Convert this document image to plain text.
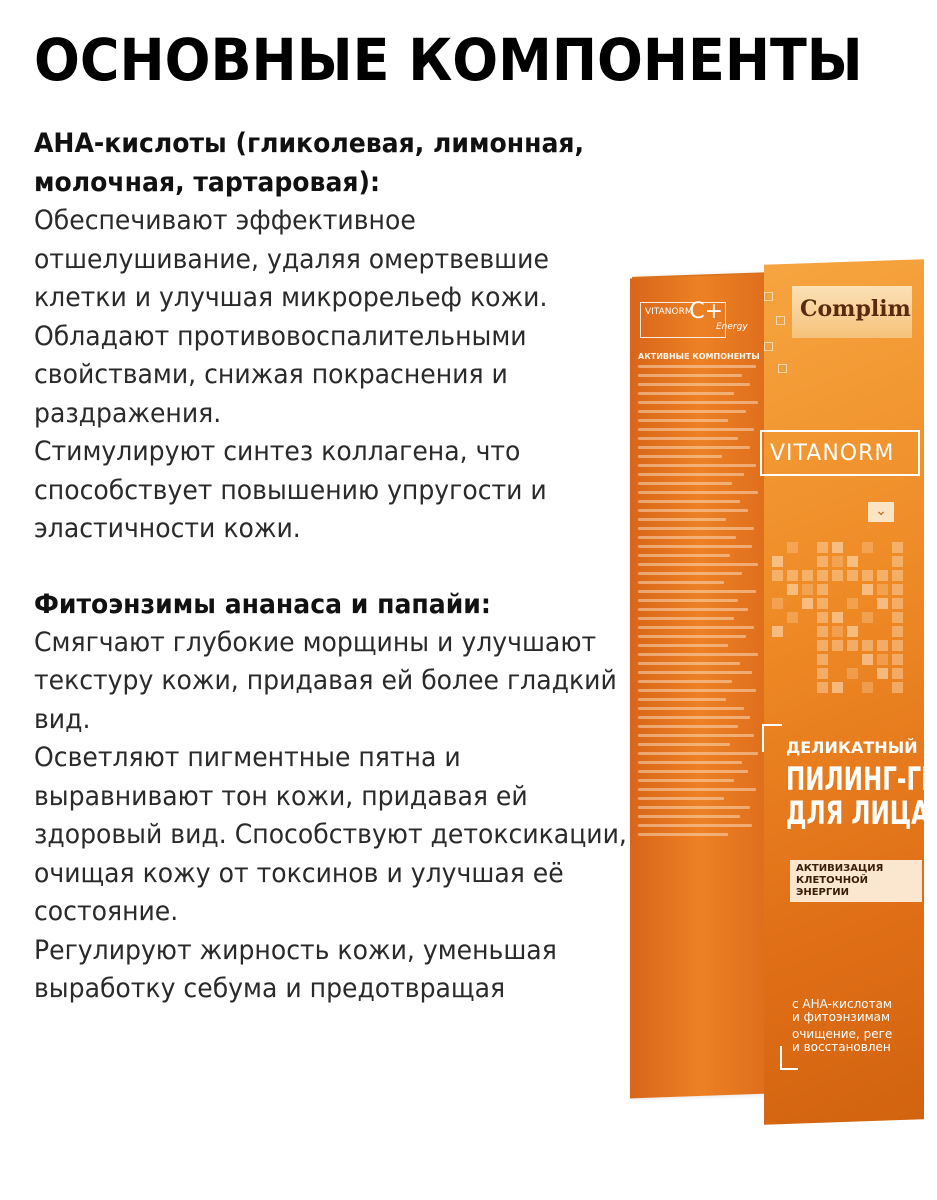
ОСНОВНЫЕ КОМПОНЕНТЫ

AHA-кислоты (гликолевая, лимонная, молочная, тартаровая):

Обеспечивают эффективное отшелушивание, удаляя омертвевшие клетки и улучшая микрорельеф кожи.

Обладают противовоспалительными свойствами, снижая покраснения и раздражения.

Стимулируют синтез коллагена, что способствует повышению упругости и эластичности кожи.

Фитоэнзимы ананаса и папайи:

Смягчают глубокие морщины и улучшают текстуру кожи, придавая ей более гладкий вид.

Осветляют пигментные пятна и выравнивают тон кожи, придавая ей здоровый вид. Способствуют детоксикации, очищая кожу от токсинов и улучшая её состояние.

Регулируют жирность кожи, уменьшая выработку себума и предотвращая

VITANORM
C+
Energy

АКТИВНЫЕ КОМПОНЕНТЫ

Complim
VITANORM
⌄
ДЕЛИКАТНЫЙ
ПИЛИНГ-ГЕ
ДЛЯ ЛИЦА
АКТИВИЗАЦИЯ КЛЕТОЧНОЙ ЭНЕРГИИ
с AHA-кислотам
и фитоэнзимам
очищение, реге
и восстановлен
